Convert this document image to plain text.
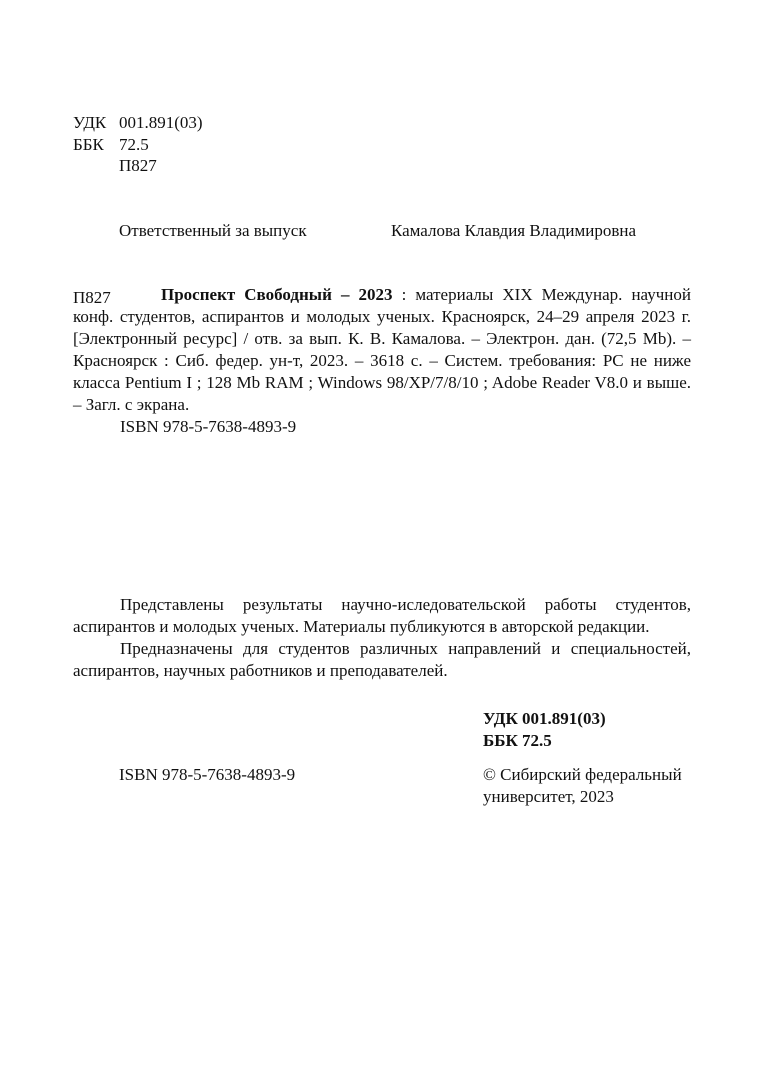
УДК 001.891(03)
ББК 72.5
П827
Ответственный за выпуск	Камалова Клавдия Владимировна
П827	Проспект Свободный – 2023 : материалы XIX Междунар. научной конф. студентов, аспирантов и молодых ученых. Красноярск, 24–29 апреля 2023 г. [Электронный ресурс] / отв. за вып. К. В. Камалова. – Электрон. дан. (72,5 Mb). – Красноярск : Сиб. федер. ун-т, 2023. – 3618 с. – Систем. требования: PC не ниже класса Pentium I ; 128 Mb RAM ; Windows 98/XP/7/8/10 ; Adobe Reader V8.0 и выше. – Загл. с экрана.

ISBN 978-5-7638-4893-9

Представлены результаты научно-иследовательской работы студентов, аспирантов и молодых ученых. Материалы публикуются в авторской редакции.

Предназначены для студентов различных направлений и специальностей, аспирантов, научных работников и преподавателей.

УДК 001.891(03)
ББК 72.5
ISBN 978-5-7638-4893-9	© Сибирский федеральный
университет, 2023
